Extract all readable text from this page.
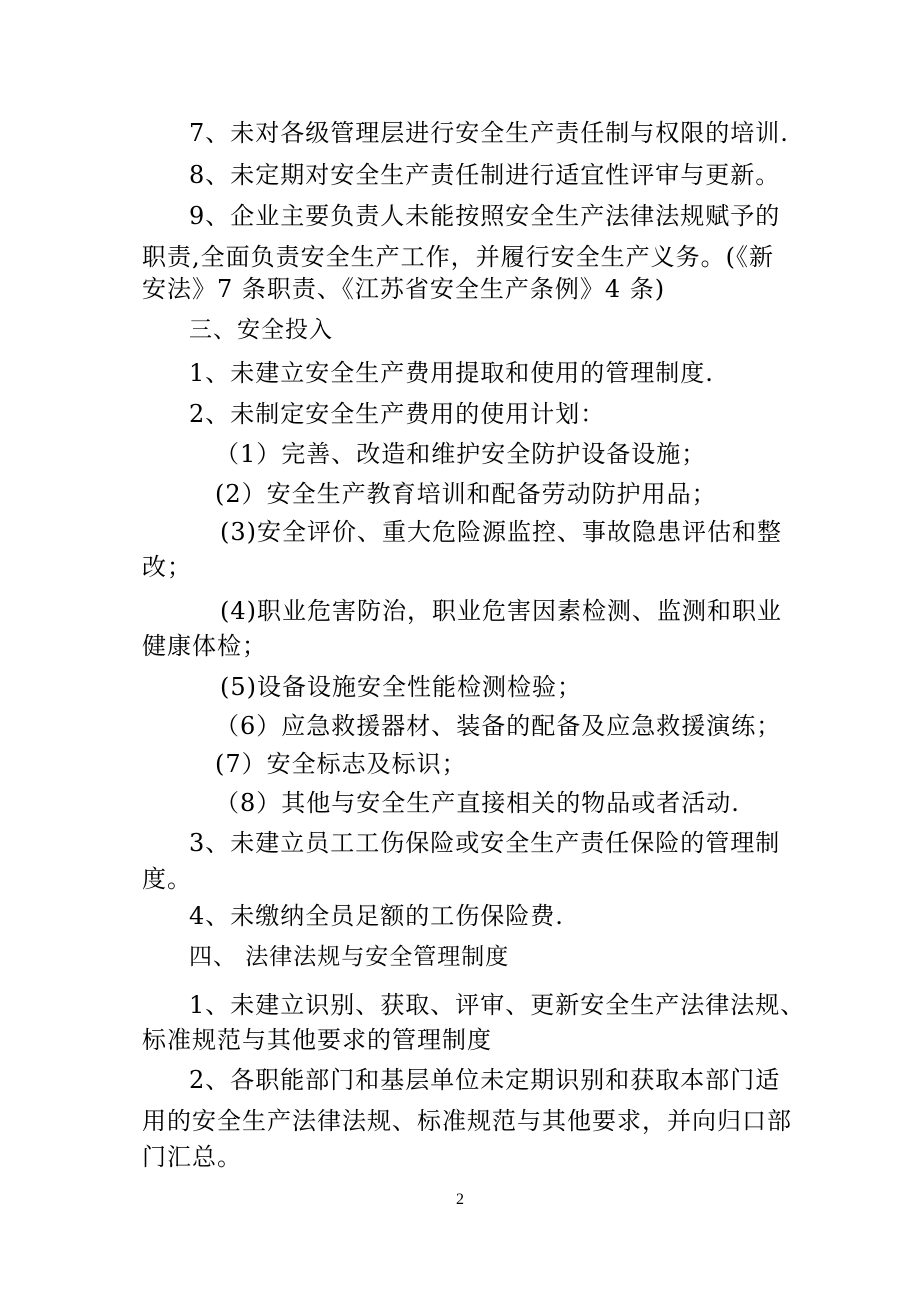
7、未对各级管理层进行安全生产责任制与权限的培训.

8、未定期对安全生产责任制进行适宜性评审与更新。

9、企业主要负责人未能按照安全生产法律法规赋予的

职责,全面负责安全生产工作，并履行安全生产义务。(《新

安法》7 条职责、《江苏省安全生产条例》4 条)

三、安全投入

1、未建立安全生产费用提取和使用的管理制度.

2、未制定安全生产费用的使用计划：

（1）完善、改造和维护安全防护设备设施；

(2）安全生产教育培训和配备劳动防护用品；

(3)安全评价、重大危险源监控、事故隐患评估和整

改；

(4)职业危害防治，职业危害因素检测、监测和职业

健康体检；

(5)设备设施安全性能检测检验；

（6）应急救援器材、装备的配备及应急救援演练；

(7）安全标志及标识；

（8）其他与安全生产直接相关的物品或者活动.

3、未建立员工工伤保险或安全生产责任保险的管理制

度。

4、未缴纳全员足额的工伤保险费.

四、 法律法规与安全管理制度

1、未建立识别、获取、评审、更新安全生产法律法规、

标准规范与其他要求的管理制度

2、各职能部门和基层单位未定期识别和获取本部门适

用的安全生产法律法规、标准规范与其他要求，并向归口部

门汇总。

2
